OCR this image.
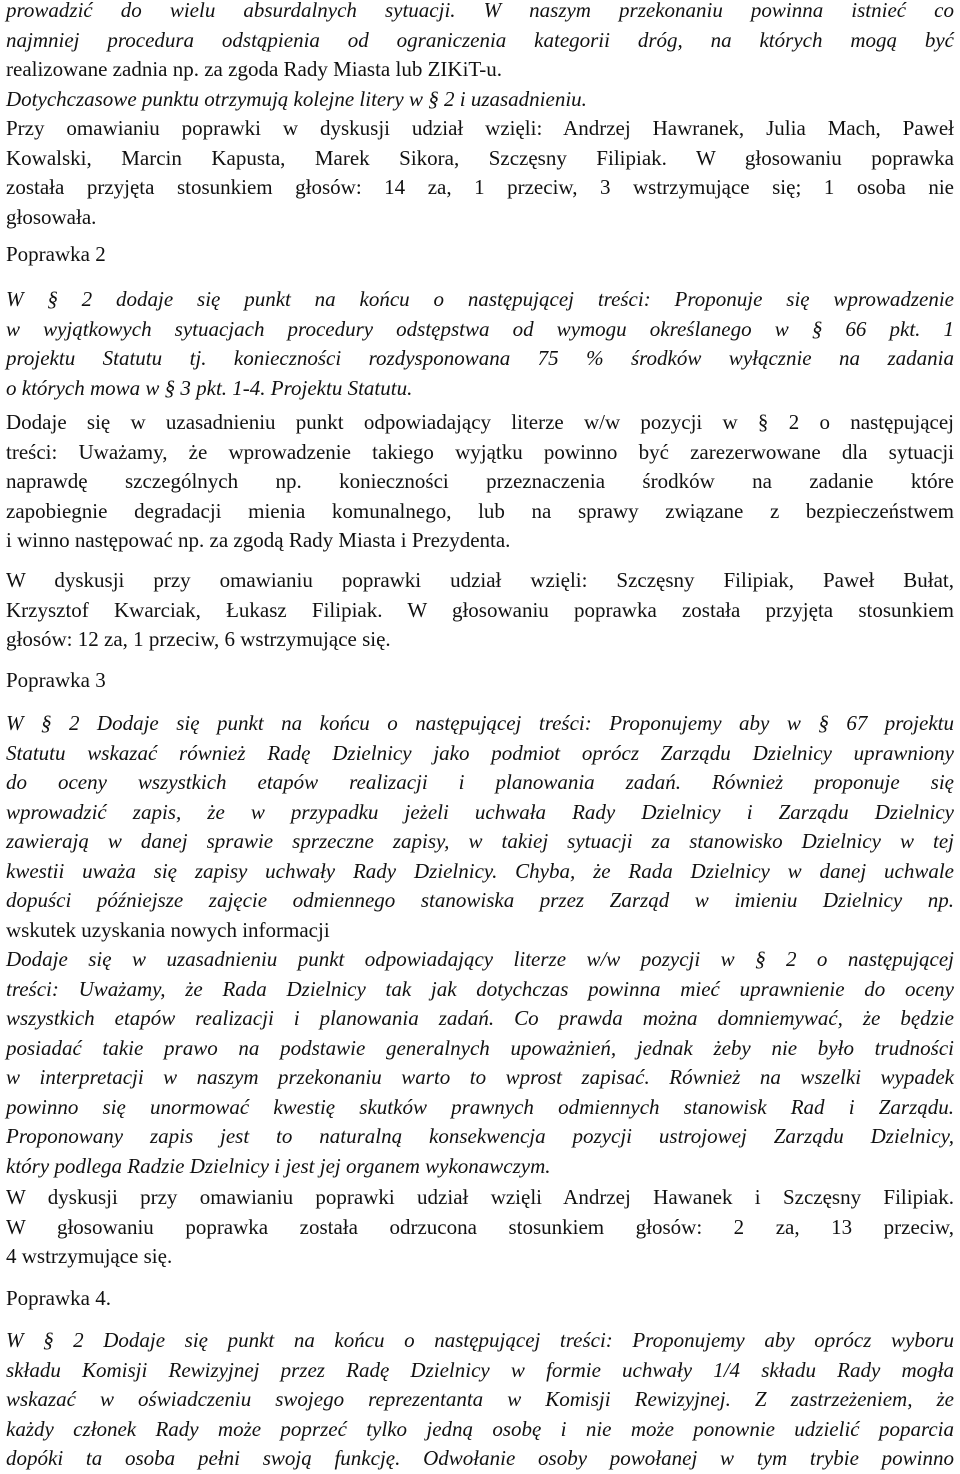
prowadzić do wielu absurdalnych sytuacji. W naszym przekonaniu powinna istnieć co
najmniej procedura odstąpienia od ograniczenia kategorii dróg, na których mogą być
realizowane zadnia np. za zgoda Rady Miasta lub ZIKiT-u.
Dotychczasowe punktu otrzymują kolejne litery w § 2 i uzasadnieniu.
Przy omawianiu poprawki w dyskusji udział wzięli: Andrzej Hawranek, Julia Mach, Paweł
Kowalski, Marcin Kapusta, Marek Sikora, Szczęsny Filipiak. W głosowaniu poprawka
została przyjęta stosunkiem głosów: 14 za, 1 przeciw, 3 wstrzymujące się; 1 osoba nie
głosowała.

Poprawka 2

W § 2 dodaje się punkt na końcu o następującej treści: Proponuje się wprowadzenie
w wyjątkowych sytuacjach procedury odstępstwa od wymogu określanego w § 66 pkt. 1
projektu Statutu tj. konieczności rozdysponowana 75 % środków wyłącznie na zadania
o których mowa w § 3 pkt. 1-4. Projektu Statutu.

Dodaje się w uzasadnieniu punkt odpowiadający literze w/w pozycji w § 2 o następującej
treści: Uważamy, że wprowadzenie takiego wyjątku powinno być zarezerwowane dla sytuacji
naprawdę szczególnych np. konieczności przeznaczenia środków na zadanie które
zapobiegnie degradacji mienia komunalnego, lub na sprawy związane z bezpieczeństwem
i winno następować np. za zgodą Rady Miasta i Prezydenta.

W dyskusji przy omawianiu poprawki udział wzięli: Szczęsny Filipiak, Paweł Bułat,
Krzysztof Kwarciak, Łukasz Filipiak. W głosowaniu poprawka została przyjęta stosunkiem
głosów: 12 za, 1 przeciw, 6 wstrzymujące się.

Poprawka 3

W § 2 Dodaje się punkt na końcu o następującej treści: Proponujemy aby w § 67 projektu
Statutu wskazać również Radę Dzielnicy jako podmiot oprócz Zarządu Dzielnicy uprawniony
do oceny wszystkich etapów realizacji i planowania zadań. Również proponuje się
wprowadzić zapis, że w przypadku jeżeli uchwała Rady Dzielnicy i Zarządu Dzielnicy
zawierają w danej sprawie sprzeczne zapisy, w takiej sytuacji za stanowisko Dzielnicy w tej
kwestii uważa się zapisy uchwały Rady Dzielnicy. Chyba, że Rada Dzielnicy w danej uchwale
dopuści późniejsze zajęcie odmiennego stanowiska przez Zarząd w imieniu Dzielnicy np.
wskutek uzyskania nowych informacji
Dodaje się w uzasadnieniu punkt odpowiadający literze w/w pozycji w § 2 o następującej
treści: Uważamy, że Rada Dzielnicy tak jak dotychczas powinna mieć uprawnienie do oceny
wszystkich etapów realizacji i planowania zadań. Co prawda można domniemywać, że będzie
posiadać takie prawo na podstawie generalnych upoważnień, jednak żeby nie było trudności
w interpretacji w naszym przekonaniu warto to wprost zapisać. Również na wszelki wypadek
powinno się unormować kwestię skutków prawnych odmiennych stanowisk Rad i Zarządu.
Proponowany zapis jest to naturalną konsekwencja pozycji ustrojowej Zarządu Dzielnicy,
który podlega Radzie Dzielnicy i jest jej organem wykonawczym.

W dyskusji przy omawianiu poprawki udział wzięli Andrzej Hawanek i Szczęsny Filipiak.
W głosowaniu poprawka została odrzucona stosunkiem głosów: 2 za, 13 przeciw,
4 wstrzymujące się.

Poprawka 4.

W § 2 Dodaje się punkt na końcu o następującej treści: Proponujemy aby oprócz wyboru
składu Komisji Rewizyjnej przez Radę Dzielnicy w formie uchwały 1/4 składu Rady mogła
wskazać w oświadczeniu swojego reprezentanta w Komisji Rewizyjnej. Z zastrzeżeniem, że
każdy członek Rady może poprzeć tylko jedną osobę i nie może ponownie udzielić poparcia
dopóki ta osoba pełni swoją funkcję. Odwołanie osoby powołanej w tym trybie powinno
